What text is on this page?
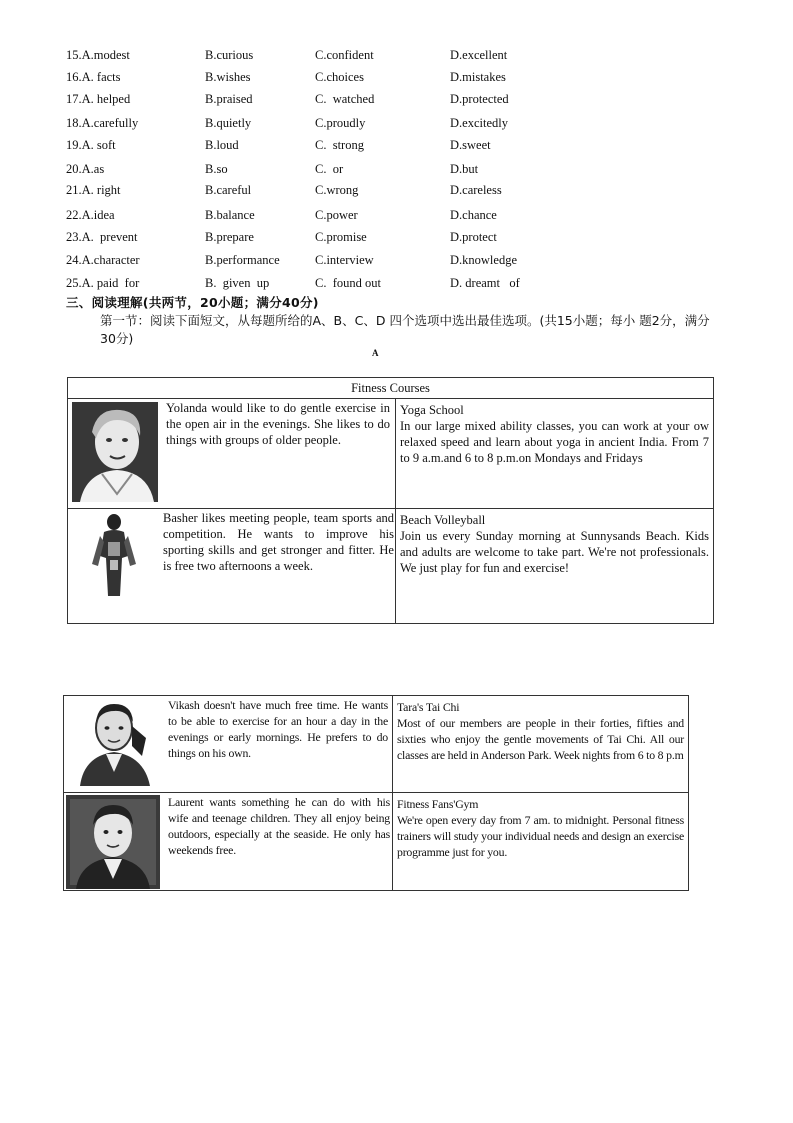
15.A.modest	B.curious	C.confident	D.excellent
16.A. facts	B.wishes	C.choices	D.mistakes
17.A. helped	B.praised	C.  watched	D.protected
18.A.carefully	B.quietly	C.proudly	D.excitedly
19.A. soft	B.loud	C.  strong	D.sweet
20.A.as	B.so	C.  or	D.but
21.A. right	B.careful	C.wrong	D.careless
22.A.idea	B.balance	C.power	D.chance
23.A.  prevent	B.prepare	C.promise	D.protect
24.A.character	B.performance	C.interview	D.knowledge
25.A. paid  for	B.  given  up	C.  found out	D. dreamt   of
三、阅读理解(共两节，20小题；满分40分)
第一节：阅读下面短文，从每题所给的A、B、C、D 四个选项中选出最佳选项。(共15小题；每小 题2分，满分30分)
A
Fitness Courses	

Yolanda would like to do gentle exercise in the open air in the evenings. She likes to do things with groups of older people.	Yoga School
In our large mixed ability classes, you can work at your ow relaxed speed and learn about yoga in ancient India. From 7 to 9 a.m.and 6 to 8 p.m.on Mondays and Fridays

Basher likes meeting people, team sports and competition. He wants to improve his sporting skills and get stronger and fitter. He is free two afternoons a week.	Beach Volleyball
Join us every Sunday morning at Sunnysands Beach. Kids and adults are welcome to take part. We're not professionals. We just play for fun and exercise!
Vikash doesn't have much free time. He wants to be able to exercise for an hour a day in the evenings or early mornings. He prefers to do things on his own.	Tara's Tai Chi
Most of our members are people in their forties, fifties and sixties who enjoy the gentle movements of Tai Chi. All our classes are held in Anderson Park. Week nights from 6 to 8 p.m

Laurent wants something he can do with his wife and teenage children. They all enjoy being outdoors, especially at the seaside. He only has weekends free.	Fitness Fans'Gym
We're open every day from 7 am. to midnight. Personal fitness trainers will study your individual needs and design an exercise programme just for you.
